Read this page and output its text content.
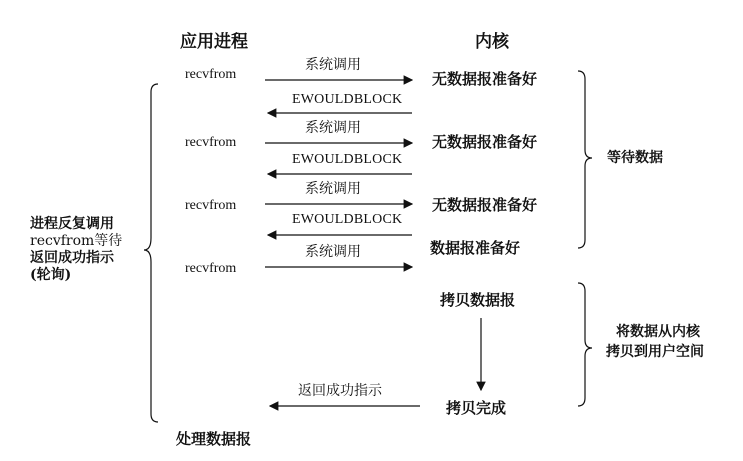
应用进程	内核
recvfrom
系统调用
无数据报准备好
EWOULDBLOCK
recvfrom
系统调用
无数据报准备好
EWOULDBLOCK
recvfrom
系统调用
无数据报准备好
EWOULDBLOCK
系统调用	数据报准备好
recvfrom
拷贝数据报
拷贝完成
返回成功指示
处理数据报
等待数据
将数据从内核
拷贝到用户空间
进程反复调用
recvfrom等待
返回成功指示
(轮询)
